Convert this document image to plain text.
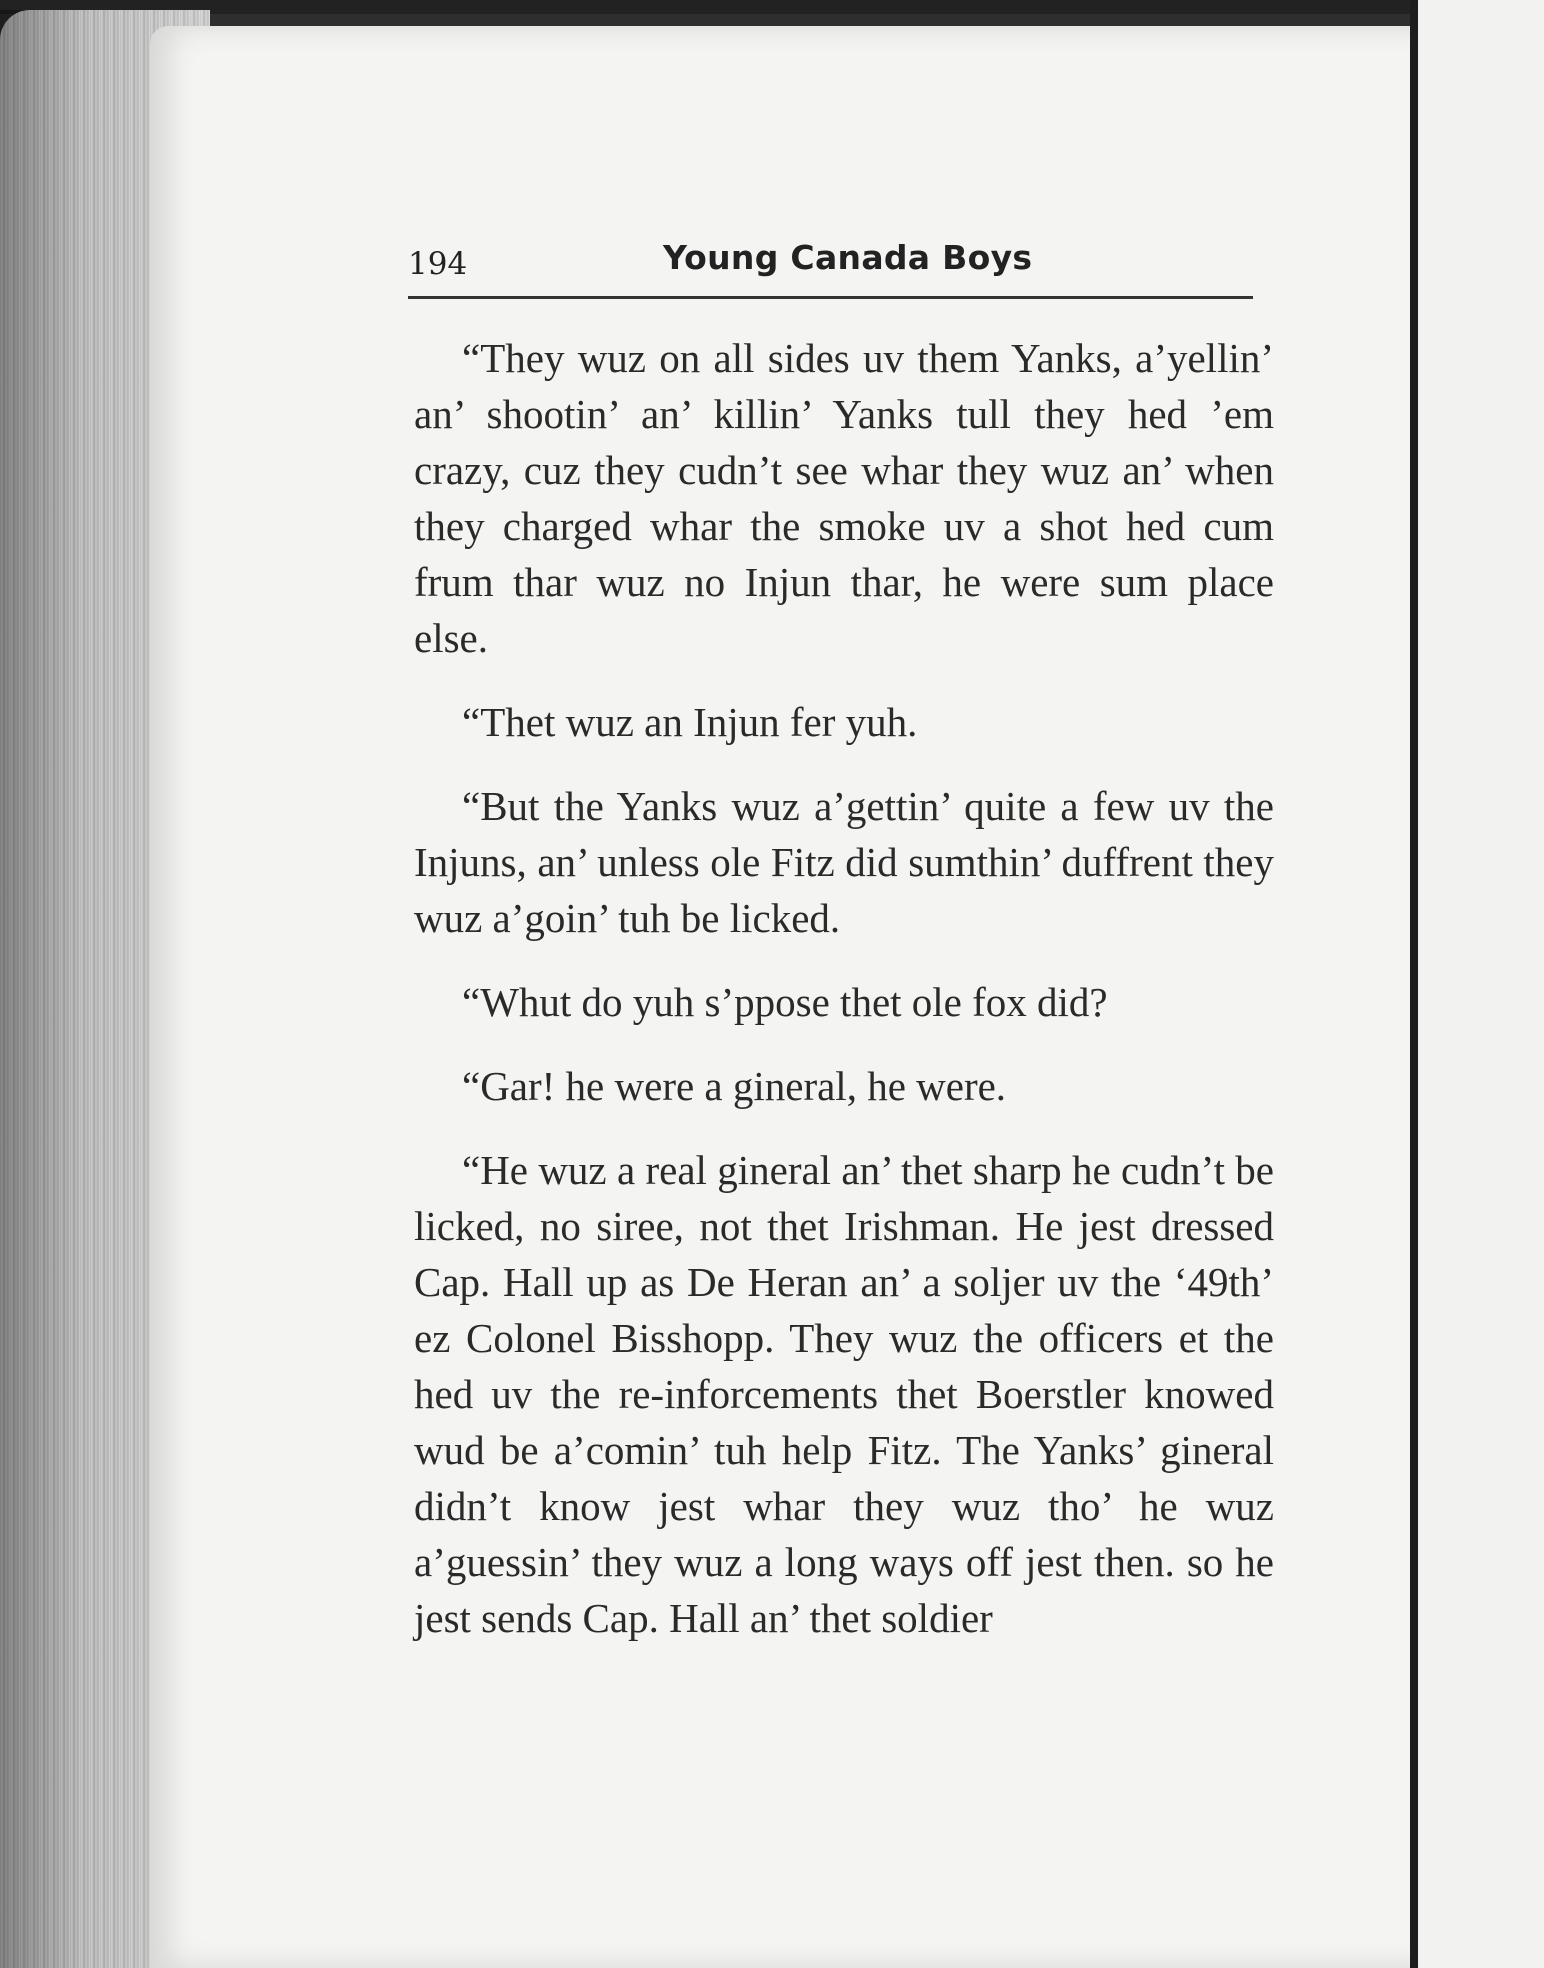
194	Young Canada Boys

“They wuz on all sides uv them Yanks, a’yellin’ an’ shootin’ an’ killin’ Yanks tull they hed ’em crazy, cuz they cudn’t see whar they wuz an’ when they charged whar the smoke uv a shot hed cum frum thar wuz no Injun thar, he were sum place else.

“Thet wuz an Injun fer yuh.

“But the Yanks wuz a’gettin’ quite a few uv the Injuns, an’ unless ole Fitz did sumthin’ duffrent they wuz a’goin’ tuh be licked.

“Whut do yuh s’ppose thet ole fox did?

“Gar! he were a gineral, he were.

“He wuz a real gineral an’ thet sharp he cudn’t be licked, no siree, not thet Irishman. He jest dressed Cap. Hall up as De Heran an’ a soljer uv the ‘49th’ ez Colonel Bisshopp. They wuz the officers et the hed uv the re-inforcements thet Boerstler knowed wud be a’comin’ tuh help Fitz. The Yanks’ gineral didn’t know jest whar they wuz tho’ he wuz a’guessin’ they wuz a long ways off jest then. so he jest sends Cap. Hall an’ thet soldier
